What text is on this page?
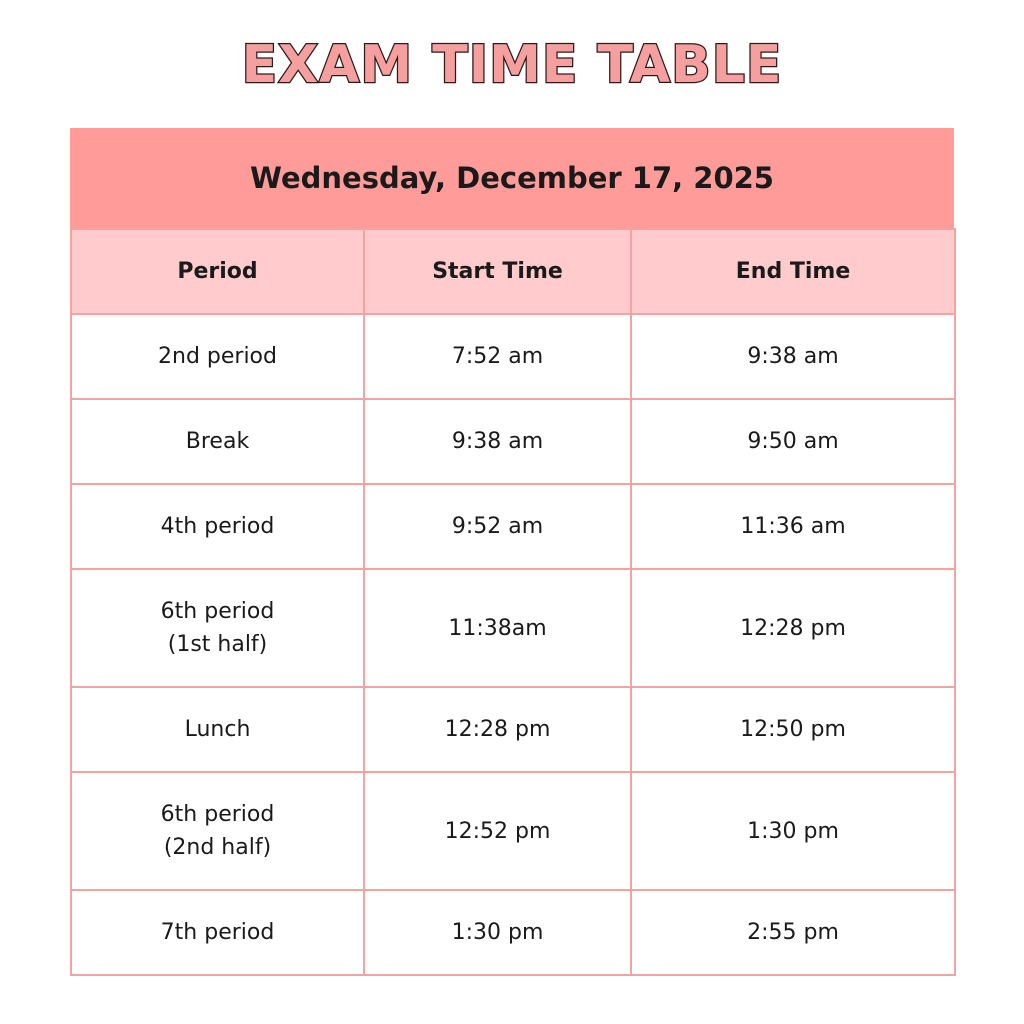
EXAM TIME TABLE
Wednesday, December 17, 2025
Period	Start Time	End Time

2nd period	7:52 am	9:38 am

Break	9:38 am	9:50 am

4th period	9:52 am	11:36 am

6th period
(1st half)	11:38am	12:28 pm

Lunch	12:28 pm	12:50 pm

6th period
(2nd half)	12:52 pm	1:30 pm

7th period	1:30 pm	2:55 pm
